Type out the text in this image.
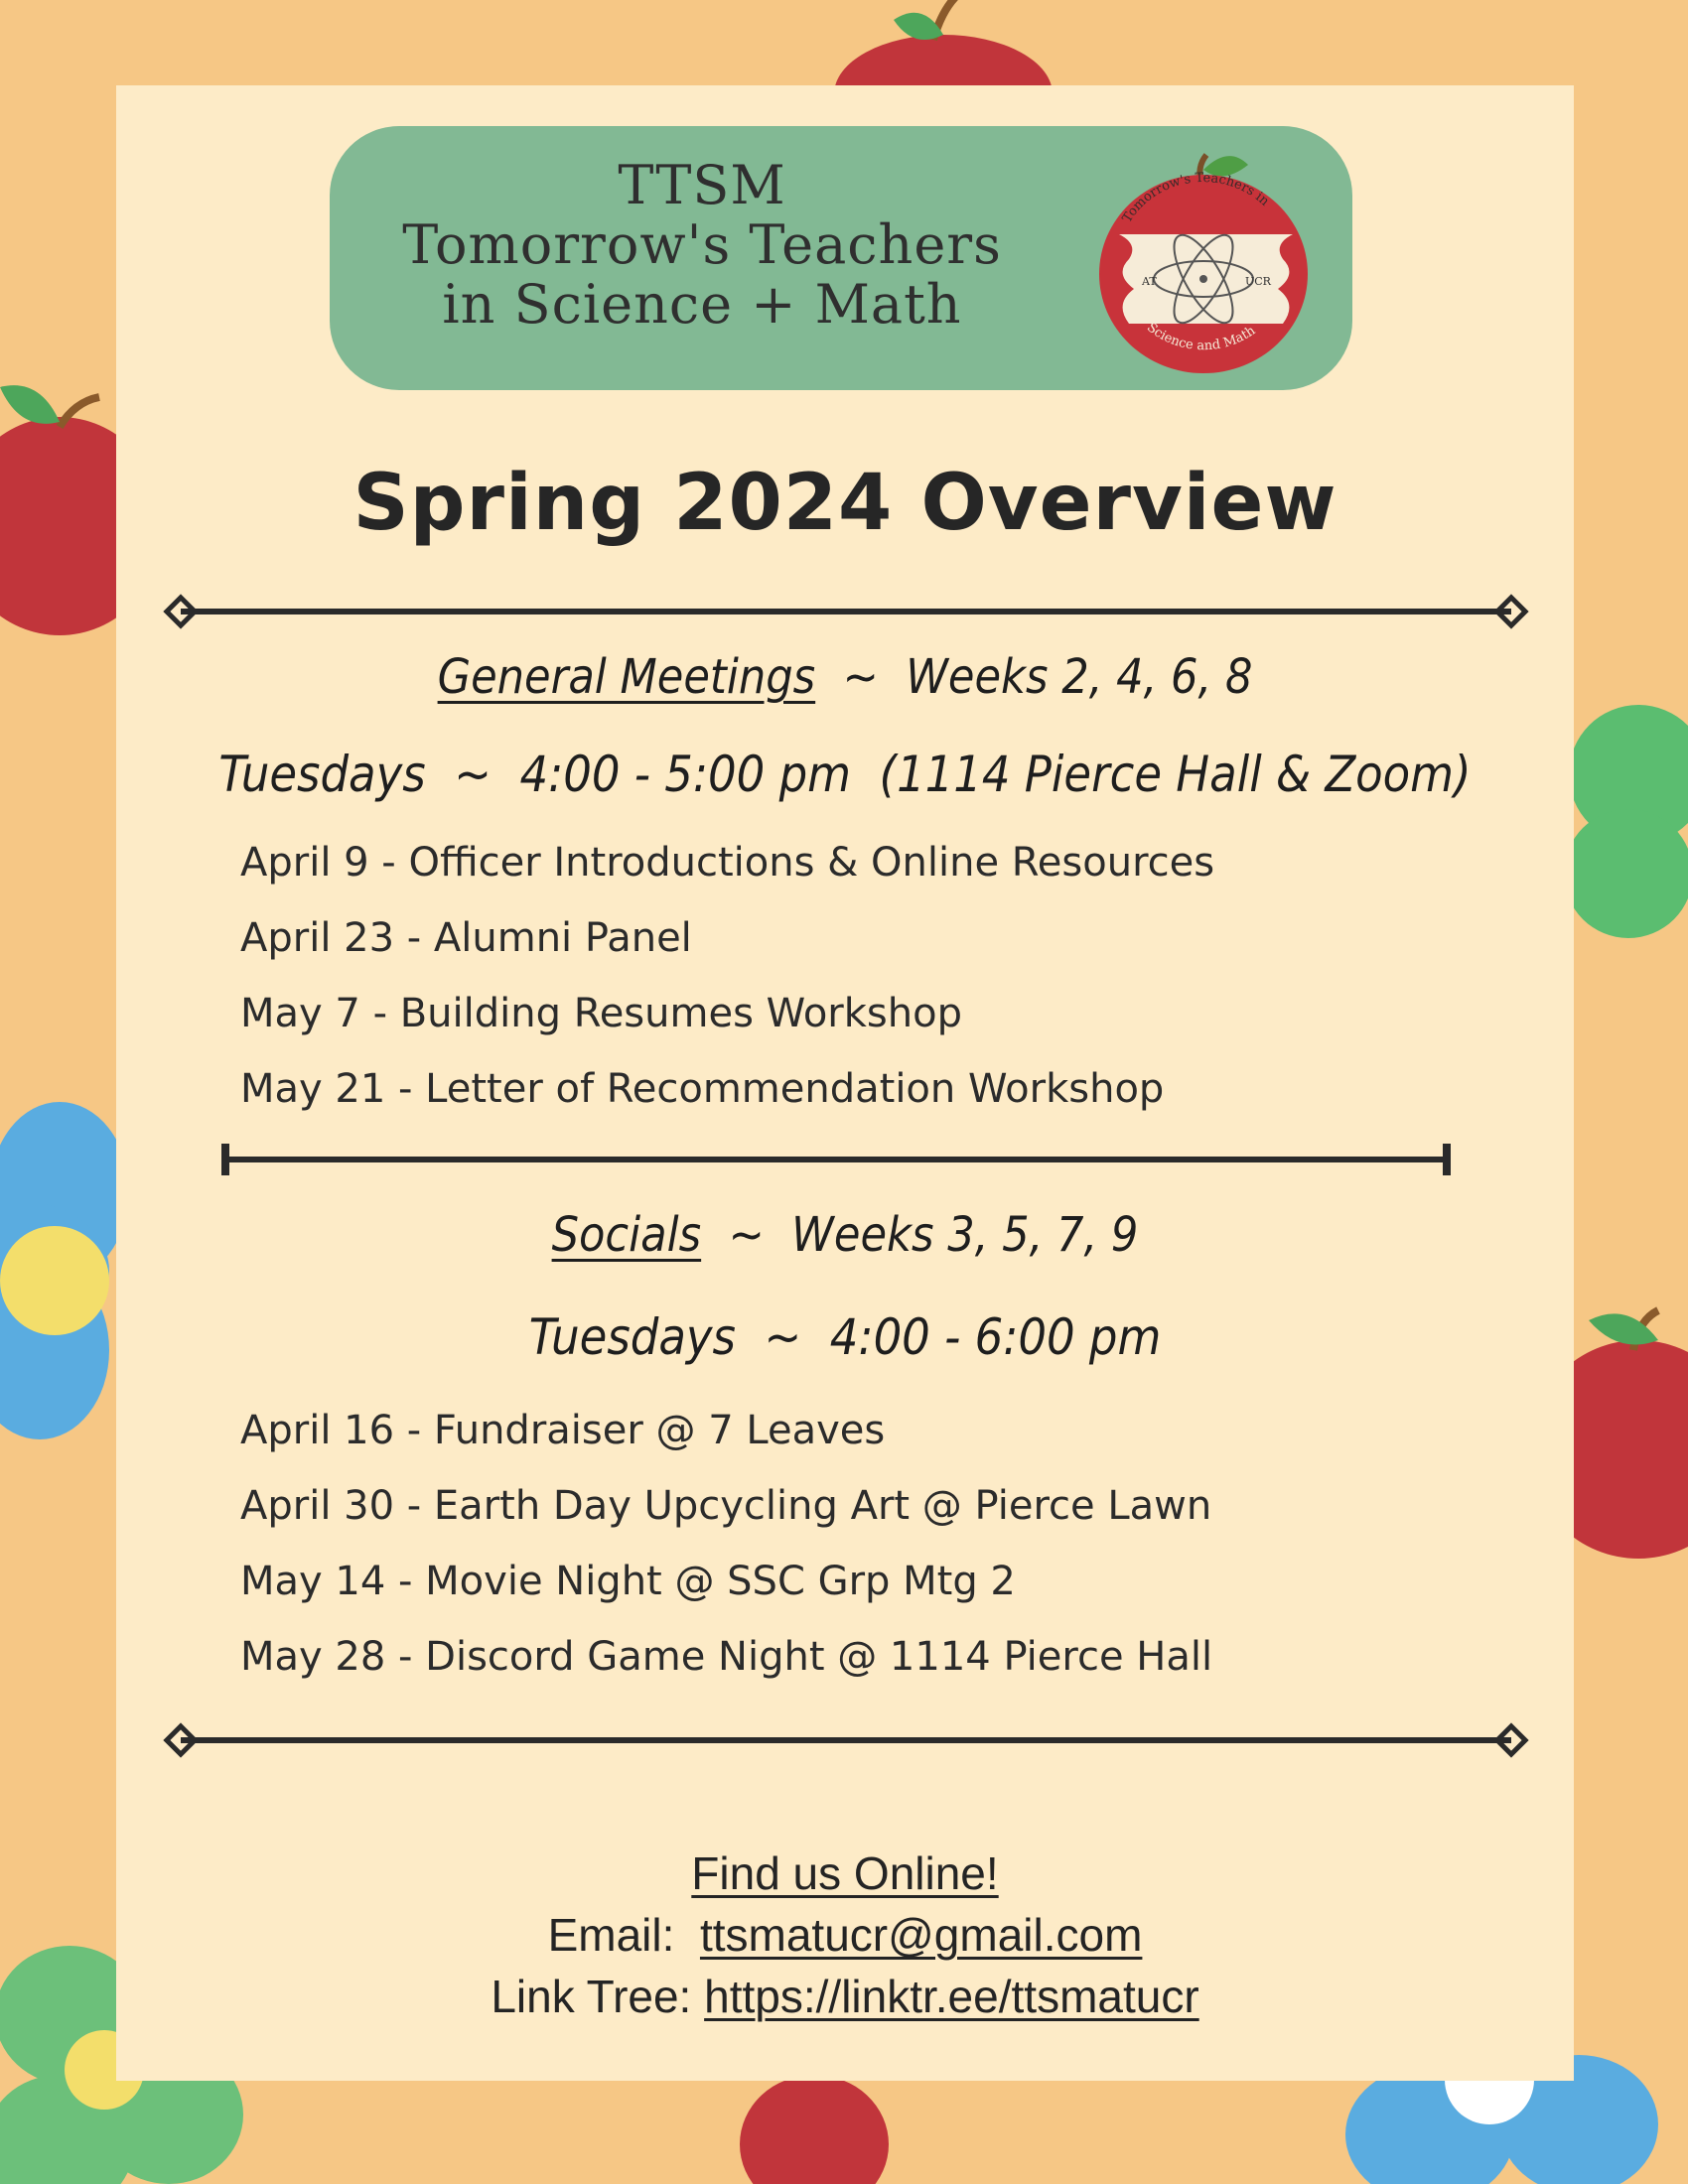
TTSM
Tomorrow's Teachers
in Science + Math
Tomorrow's Teachers in
Science and Math
AT	UCR
Spring 2024 Overview
General Meetings ~ Weeks 2, 4, 6, 8
Tuesdays  ~  4:00 - 5:00 pm  (1114 Pierce Hall & Zoom)
April 9 - Officer Introductions & Online Resources
April 23 - Alumni Panel
May 7 - Building Resumes Workshop
May 21 - Letter of Recommendation Workshop
Socials ~ Weeks 3, 5, 7, 9
Tuesdays  ~  4:00 - 6:00 pm
April 16 - Fundraiser @ 7 Leaves
April 30 - Earth Day Upcycling Art @ Pierce Lawn
May 14 - Movie Night @ SSC Grp Mtg 2
May 28 - Discord Game Night @ 1114 Pierce Hall
Find us Online!
Email: ttsmatucr@gmail.com
Link Tree: https://linktr.ee/ttsmatucr
